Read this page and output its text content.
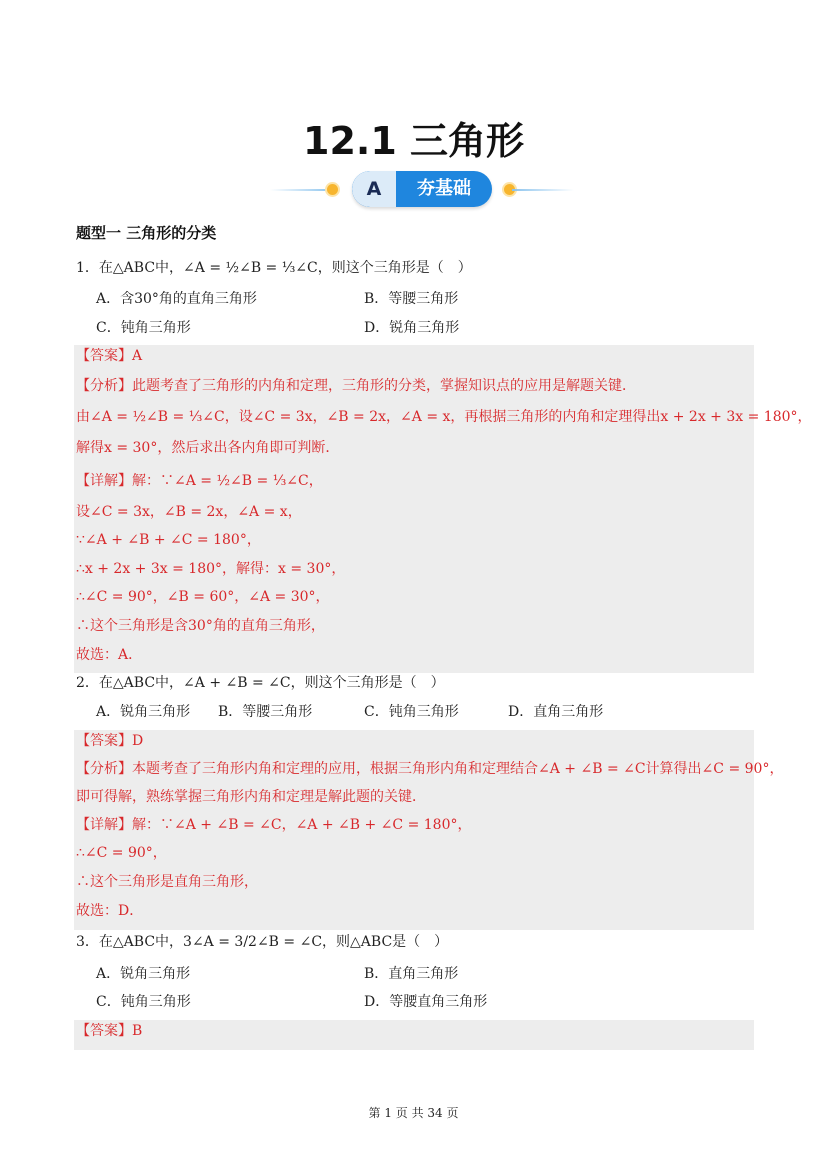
12.1 三角形
A	夯基础
题型一 三角形的分类
1．在△ABC中，∠A = ½∠B = ⅓∠C，则这个三角形是（　）
A．含30°角的直角三角形	B．等腰三角形
C．钝角三角形	D．锐角三角形
【答案】A
【分析】此题考查了三角形的内角和定理，三角形的分类，掌握知识点的应用是解题关键．
由∠A = ½∠B = ⅓∠C，设∠C = 3x，∠B = 2x，∠A = x，再根据三角形的内角和定理得出x + 2x + 3x = 180°，
解得x = 30°，然后求出各内角即可判断．
【详解】解：∵∠A = ½∠B = ⅓∠C，
设∠C = 3x，∠B = 2x，∠A = x，
∵∠A + ∠B + ∠C = 180°，
∴x + 2x + 3x = 180°，解得：x = 30°，
∴∠C = 90°，∠B = 60°，∠A = 30°，
∴这个三角形是含30°角的直角三角形，
故选：A．
2．在△ABC中，∠A + ∠B = ∠C，则这个三角形是（　）
A．锐角三角形 B．等腰三角形	C．钝角三角形	D．直角三角形
【答案】D
【分析】本题考查了三角形内角和定理的应用，根据三角形内角和定理结合∠A + ∠B = ∠C计算得出∠C = 90°，
即可得解，熟练掌握三角形内角和定理是解此题的关键．
【详解】解：∵∠A + ∠B = ∠C，∠A + ∠B + ∠C = 180°，
∴∠C = 90°，
∴这个三角形是直角三角形，
故选：D．
3．在△ABC中，3∠A = 3/2∠B = ∠C，则△ABC是（　）
A．锐角三角形	B．直角三角形
C．钝角三角形	D．等腰直角三角形
【答案】B
第 1 页 共 34 页
